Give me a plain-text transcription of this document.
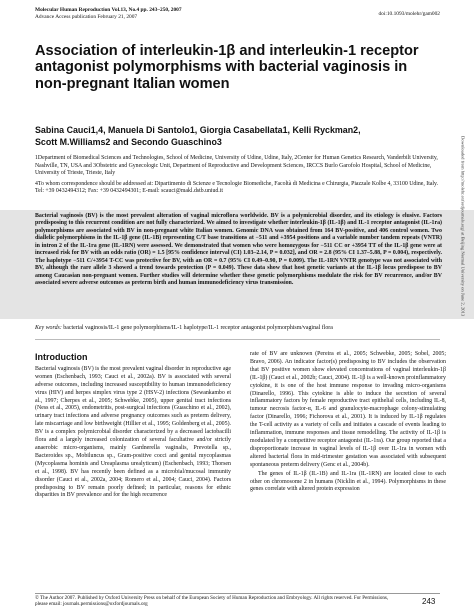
Molecular Human Reproduction Vol.13, No.4 pp. 243–250, 2007
Advance Access publication February 21, 2007	doi:10.1093/molehr/gam002
Association of interleukin-1β and interleukin-1 receptor antagonist polymorphisms with bacterial vaginosis in non-pregnant Italian women
Sabina Cauci1,4, Manuela Di Santolo1, Giorgia Casabellata1, Kelli Ryckman2,
Scott M.Williams2 and Secondo Guaschino3

1Department of Biomedical Sciences and Technologies, School of Medicine, University of Udine, Udine, Italy, 2Center for Human Genetics Research, Vanderbilt University, Nashville, TN, USA and 3Obstetric and Gynecologic Unit, Department of Reproductive and Development Sciences, IRCCS Burlo Garofolo Hospital, School of Medicine, University of Trieste, Trieste, Italy

4To whom correspondence should be addressed at: Dipartimento di Scienze e Tecnologie Biomediche, Facoltà di Medicina e Chirurgia, Piazzale Kolbe 4, 33100 Udine, Italy. Tel: +39 0432494312; Fax: +39 0432494301; E-mail: scauci@makl.dstb.uniud.it

Bacterial vaginosis (BV) is the most prevalent alteration of vaginal microflora worldwide. BV is a polymicrobial disorder, and its etiology is elusive. Factors predisposing to this recurrent condition are not fully characterized. We aimed to investigate whether interleukin-1β (IL-1β) and IL-1 receptor antagonist (IL-1ra) polymorphisms are associated with BV in non-pregnant white Italian women. Genomic DNA was obtained from 164 BV-positive, and 406 control women. Two diallelic polymorphisms in the IL-1β gene (IL-1B) representing C/T base transitions at −511 and +3954 positions and a variable number tandem repeats (VNTR) in intron 2 of the IL-1ra gene (IL-1RN) were assessed. We demonstrated that women who were homozygous for −511 CC or +3954 TT of the IL-1β gene were at increased risk for BV with an odds ratio (OR) = 1.5 [95% confidence interval (CI) 1.03–2.14, P = 0.032], and OR = 2.8 (95% CI 1.37–5.88, P = 0.004), respectively. The haplotype −511 C/+3954 T-CC was protective for BV, with an OR = 0.7 (95% CI 0.49–0.90, P = 0.009). The IL-1RN VNTR genotype was not associated with BV, although the rare allele 3 showed a trend towards protection (P = 0.049). These data show that host genetic variants at the IL-1β locus predispose to BV among Caucasian non-pregnant women. Further studies will determine whether these genetic polymorphisms modulate the risk for BV recurrence, and/or BV associated severe adverse outcomes as preterm birth and human immunodeficiency virus transmission.
Key words: bacterial vaginosis/IL-1 gene polymorphisms/IL-1 haplotype/IL-1 receptor antagonist polymorphism/vaginal flora
Introduction

Bacterial vaginosis (BV) is the most prevalent vaginal disorder in reproductive age women (Eschenbach, 1993; Cauci et al., 2002a). BV is associated with several adverse outcomes, including increased susceptibility to human immunodeficiency virus (HIV) and herpes simplex virus type 2 (HSV-2) infections (Sewankambo et al., 1997; Cherpes et al., 2005; Schwebke, 2005), upper genital tract infections (Ness et al., 2005), endometritis, post-surgical infections (Guaschino et al., 2002), urinary tract infections and adverse pregnancy outcomes such as preterm delivery, late miscarriage and low birthweight (Hillier et al., 1995; Goldenberg et al., 2005). BV is a complex polymicrobial disorder characterized by a decreased lactobacilli flora and a largely increased colonization of several facultative and/or strictly anaerobic micro-organisms, mainly Gardnerella vaginalis, Prevotella sp., Bacteroides sp., Mobiluncus sp., Gram-positive cocci and genital mycoplasmas (Mycoplasma hominis and Ureaplasma urealyticum) (Eschenbach, 1993; Thorsen et al., 1998). BV has recently been defined as a microbial/mucosal immunity disorder (Cauci et al., 2002a, 2004; Romero et al., 2004; Cauci, 2004). Factors predisposing to BV remain poorly defined; in particular, reasons for ethnic disparities in BV prevalence and for the high recurrence

rate of BV are unknown (Pereira et al., 2005; Schwebke, 2005; Sobel, 2005; Bravo, 2006). An indicator factor(s) predisposing to BV includes the observation that BV positive women show elevated concentrations of vaginal interleukin-1β (IL-1β) (Cauci et al., 2002b; Cauci, 2004). IL-1β is a well-known proinflammatory cytokine, it is one of the host immune response to invading micro-organisms (Dinarello, 1996). This cytokine is able to induce the secretion of several inflammatory factors by female reproductive tract epithelial cells, including IL-8, tumour necrosis factor-α, IL-6 and granulocyte-macrophage colony-stimulating factor (Dinarello, 1996; Fichorova et al., 2001). It is induced by IL-1β regulates the T-cell activity as a variety of cells and initiates a cascade of events leading to inflammation, immune responses and tissue remodelling. The activity of IL-1β is modulated by a competitive receptor antagonist (IL-1ra). Our group reported that a disproportionate increase in vaginal levels of IL-1β over IL-1ra in women with altered bacterial flora in mid-trimester gestation was associated with subsequent spontaneous preterm delivery (Genc et al., 2004b).

The genes of IL-1β (IL-1B) and IL-1ra (IL-1RN) are located close to each other on chromosome 2 in humans (Nicklin et al., 1994). Polymorphisms in these genes correlate with altered protein expression

© The Author 2007. Published by Oxford University Press on behalf of the European Society of Human Reproduction and Embryology. All rights reserved. For Permissions, please email: journals.permissions@oxfordjournals.org	243
Downloaded from http://molehr.oxfordjournals.org/ at Beijing Normal University on June 2, 2013
